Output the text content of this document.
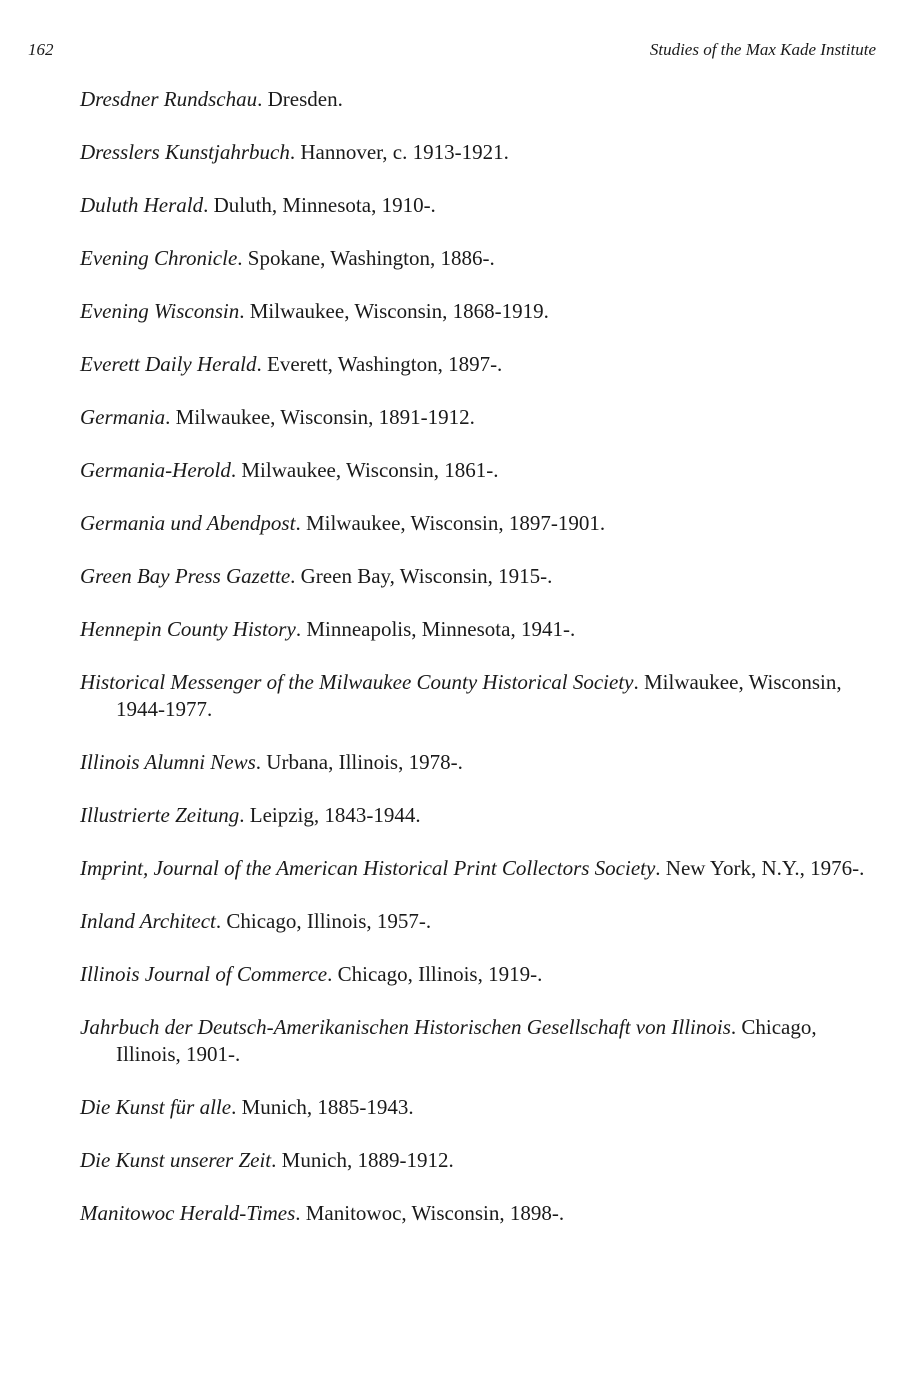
162	Studies of the Max Kade Institute
Dresdner Rundschau. Dresden.
Dresslers Kunstjahrbuch. Hannover, c. 1913-1921.
Duluth Herald. Duluth, Minnesota, 1910-.
Evening Chronicle. Spokane, Washington, 1886-.
Evening Wisconsin. Milwaukee, Wisconsin, 1868-1919.
Everett Daily Herald. Everett, Washington, 1897-.
Germania. Milwaukee, Wisconsin, 1891-1912.
Germania-Herold. Milwaukee, Wisconsin, 1861-.
Germania und Abendpost. Milwaukee, Wisconsin, 1897-1901.
Green Bay Press Gazette. Green Bay, Wisconsin, 1915-.
Hennepin County History. Minneapolis, Minnesota, 1941-.
Historical Messenger of the Milwaukee County Historical Society. Milwaukee, Wisconsin, 1944-1977.
Illinois Alumni News. Urbana, Illinois, 1978-.
Illustrierte Zeitung. Leipzig, 1843-1944.
Imprint, Journal of the American Historical Print Collectors Society. New York, N.Y., 1976-.
Inland Architect. Chicago, Illinois, 1957-.
Illinois Journal of Commerce. Chicago, Illinois, 1919-.
Jahrbuch der Deutsch-Amerikanischen Historischen Gesellschaft von Illinois. Chicago, Illinois, 1901-.
Die Kunst für alle. Munich, 1885-1943.
Die Kunst unserer Zeit. Munich, 1889-1912.
Manitowoc Herald-Times. Manitowoc, Wisconsin, 1898-.
